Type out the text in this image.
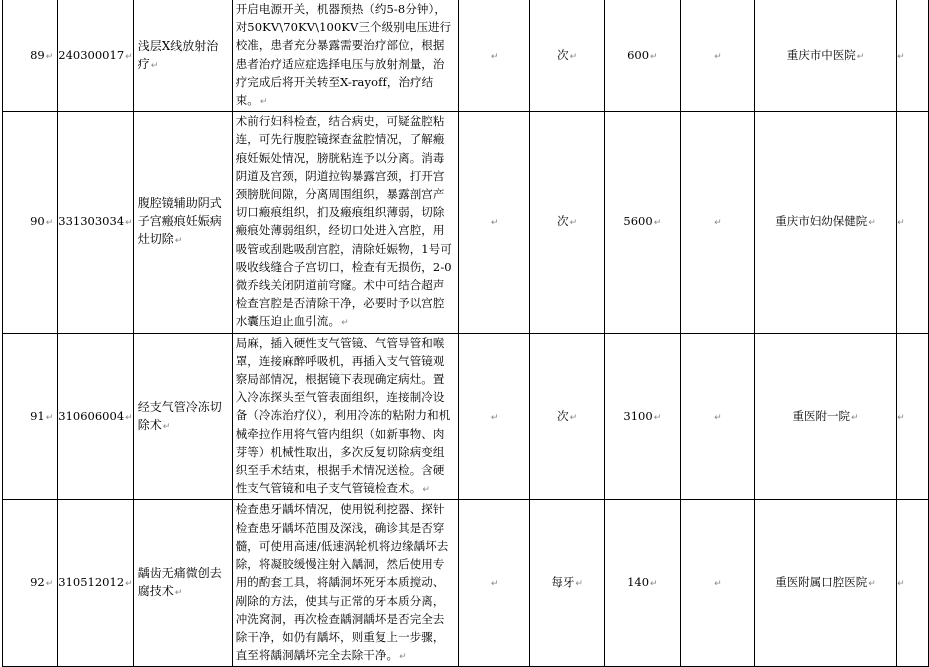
89↵	240300017↵	浅层X线放射治疗↵	开启电源开关，机器预热（约5-8分钟），对50KV\70KV\100KV三个级别电压进行校准，患者充分暴露需要治疗部位，根据患者治疗适应症选择电压与放射剂量，治疗完成后将开关转至X-rayoff，治疗结束。↵	↵	次↵	600↵	↵	重庆市中医院↵	↵
90↵	331303034↵	腹腔镜辅助阴式子宫瘢痕妊娠病灶切除↵	术前行妇科检查，结合病史，可疑盆腔粘连，可先行腹腔镜探查盆腔情况，了解瘢痕妊娠处情况，膀胱粘连予以分离。消毒阴道及宫颈，阴道拉钩暴露宫颈，打开宫颈膀胱间隙，分离周围组织，暴露剖宫产切口瘢痕组织，扪及瘢痕组织薄弱，切除瘢痕处薄弱组织，经切口处进入宫腔，用吸管或刮匙吸刮宫腔，清除妊娠物，1号可吸收线缝合子宫切口，检查有无损伤，2-0微乔线关闭阴道前穹窿。术中可结合超声检查宫腔是否清除干净，必要时予以宫腔水囊压迫止血引流。↵	↵	次↵	5600↵	↵	重庆市妇幼保健院↵	↵
91↵	310606004↵	经支气管冷冻切除术↵	局麻，插入硬性支气管镜、气管导管和喉罩，连接麻醉呼吸机，再插入支气管镜观察局部情况，根据镜下表现确定病灶。置入冷冻探头至气管表面组织，连接制冷设备（冷冻治疗仪），利用冷冻的粘附力和机械牵拉作用将气管内组织（如新事物、肉芽等）机械性取出，多次反复切除病变组织至手术结束，根据手术情况送检。含硬性支气管镜和电子支气管镜检查术。↵	↵	次↵	3100↵	↵	重医附一院↵	↵
92↵	310512012↵	龋齿无痛微创去腐技术↵	检查患牙龋坏情况，使用锐利挖器、探针检查患牙龋坏范围及深浅，确诊其是否穿髓，可使用高速/低速涡轮机将边缘龋坏去除，将凝胶缓慢注射入龋洞，然后使用专用的酌套工具，将龋洞坏死牙本质搅动、剐除的方法，使其与正常的牙本质分离，冲洗窝洞，再次检查龋洞龋坏是否完全去除干净，如仍有龋坏，则重复上一步骤，直至将龋洞龋坏完全去除干净。↵	↵	每牙↵	140↵	↵	重医附属口腔医院↵	↵
